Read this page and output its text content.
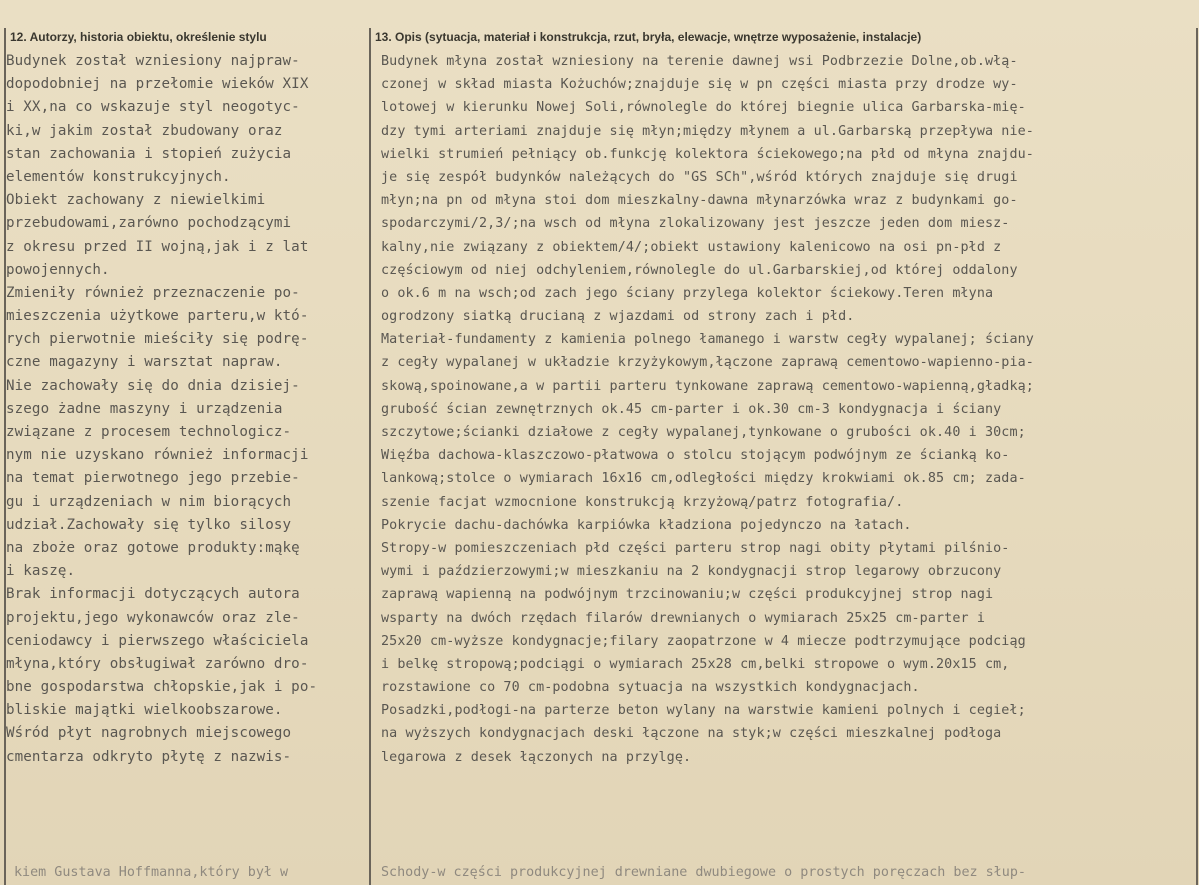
12. Autorzy, historia obiektu, określenie stylu	13. Opis (sytuacja, materiał i konstrukcja, rzut, bryła, elewacje, wnętrze wyposażenie, instalacje)
Budynek został wzniesiony najpraw-
dopodobniej na przełomie wieków XIX
i XX,na co wskazuje styl neogotyc-
ki,w jakim został zbudowany oraz
stan zachowania i stopień zużycia
elementów konstrukcyjnych.
Obiekt zachowany z niewielkimi
przebudowami,zarówno pochodzącymi
z okresu przed II wojną,jak i z lat
powojennych.
Zmieniły również przeznaczenie po-
mieszczenia użytkowe parteru,w któ-
rych pierwotnie mieściły się podrę-
czne magazyny i warsztat napraw.
Nie zachowały się do dnia dzisiej-
szego żadne maszyny i urządzenia
związane z procesem technologicz-
nym nie uzyskano również informacji
na temat pierwotnego jego przebie-
gu i urządzeniach w nim biorących
udział.Zachowały się tylko silosy
na zboże oraz gotowe produkty:mąkę
i kaszę.
Brak informacji dotyczących autora
projektu,jego wykonawców oraz zle-
ceniodawcy i pierwszego właściciela
młyna,który obsługiwał zarówno dro-
bne gospodarstwa chłopskie,jak i po-
bliskie majątki wielkoobszarowe.
Wśród płyt nagrobnych miejscowego
cmentarza odkryto płytę z nazwis-
Budynek młyna został wzniesiony na terenie dawnej wsi Podbrzezie Dolne,ob.włą-
czonej w skład miasta Kożuchów;znajduje się w pn części miasta przy drodze wy-
lotowej w kierunku Nowej Soli,równolegle do której biegnie ulica Garbarska-mię-
dzy tymi arteriami znajduje się młyn;między młynem a ul.Garbarską przepływa nie-
wielki strumień pełniący ob.funkcję kolektora ściekowego;na płd od młyna znajdu-
je się zespół budynków należących do "GS SCh",wśród których znajduje się drugi
młyn;na pn od młyna stoi dom mieszkalny-dawna młynarzówka wraz z budynkami go-
spodarczymi/2,3/;na wsch od młyna zlokalizowany jest jeszcze jeden dom miesz-
kalny,nie związany z obiektem/4/;obiekt ustawiony kalenicowo na osi pn-płd z
częściowym od niej odchyleniem,równolegle do ul.Garbarskiej,od której oddalony
o ok.6 m na wsch;od zach jego ściany przylega kolektor ściekowy.Teren młyna
ogrodzony siatką drucianą z wjazdami od strony zach i płd.
Materiał-fundamenty z kamienia polnego łamanego i warstw cegły wypalanej; ściany
z cegły wypalanej w układzie krzyżykowym,łączone zaprawą cementowo-wapienno-pia-
skową,spoinowane,a w partii parteru tynkowane zaprawą cementowo-wapienną,gładką;
grubość ścian zewnętrznych ok.45 cm-parter i ok.30 cm-3 kondygnacja i ściany
szczytowe;ścianki działowe z cegły wypalanej,tynkowane o grubości ok.40 i 30cm;
Więźba dachowa-klaszczowo-płatwowa o stolcu stojącym podwójnym ze ścianką ko-
lankową;stolce o wymiarach 16x16 cm,odległości między krokwiami ok.85 cm; zada-
szenie facjat wzmocnione konstrukcją krzyżową/patrz fotografia/.
Pokrycie dachu-dachówka karpiówka kładziona pojedynczo na łatach.
Stropy-w pomieszczeniach płd części parteru strop nagi obity płytami pilśnio-
wymi i paździerzowymi;w mieszkaniu na 2 kondygnacji strop legarowy obrzucony
zaprawą wapienną na podwójnym trzcinowaniu;w części produkcyjnej strop nagi
wsparty na dwóch rzędach filarów drewnianych o wymiarach 25x25 cm-parter i
25x20 cm-wyższe kondygnacje;filary zaopatrzone w 4 miecze podtrzymujące podciąg
i belkę stropową;podciągi o wymiarach 25x28 cm,belki stropowe o wym.20x15 cm,
rozstawione co 70 cm-podobna sytuacja na wszystkich kondygnacjach.
Posadzki,podłogi-na parterze beton wylany na warstwie kamieni polnych i cegieł;
na wyższych kondygnacjach deski łączone na styk;w części mieszkalnej podłoga
legarowa z desek łączonych na przylgę.
kiem Gustava Hoffmanna,który był w	Schody-w części produkcyjnej drewniane dwubiegowe o prostych poręczach bez słup-
